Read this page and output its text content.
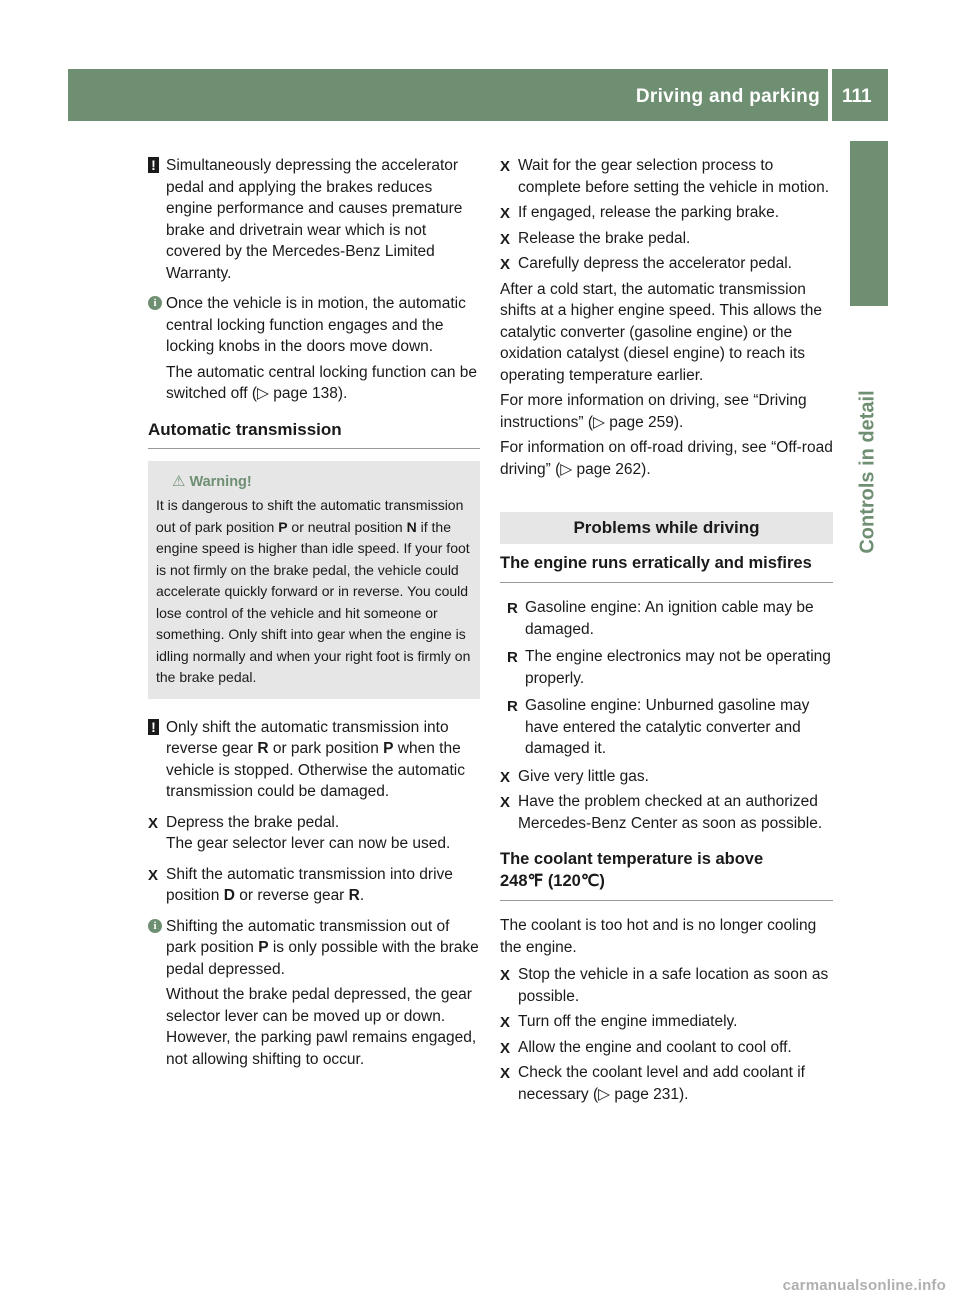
Driving and parking 111
Controls in detail
! Simultaneously depressing the accelerator pedal and applying the brakes reduces engine performance and causes premature brake and drivetrain wear which is not covered by the Mercedes-Benz Limited Warranty.
i Once the vehicle is in motion, the automatic central locking function engages and the locking knobs in the doors move down.
The automatic central locking function can be switched off (▷ page 138).
Automatic transmission
⚠ Warning!
It is dangerous to shift the automatic transmission out of park position P or neutral position N if the engine speed is higher than idle speed. If your foot is not firmly on the brake pedal, the vehicle could accelerate quickly forward or in reverse. You could lose control of the vehicle and hit someone or something. Only shift into gear when the engine is idling normally and when your right foot is firmly on the brake pedal.
! Only shift the automatic transmission into reverse gear R or park position P when the vehicle is stopped. Otherwise the automatic transmission could be damaged.
X Depress the brake pedal.
The gear selector lever can now be used.
X Shift the automatic transmission into drive position D or reverse gear R.
i Shifting the automatic transmission out of park position P is only possible with the brake pedal depressed.
Without the brake pedal depressed, the gear selector lever can be moved up or down. However, the parking pawl remains engaged, not allowing shifting to occur.
X Wait for the gear selection process to complete before setting the vehicle in motion.
X If engaged, release the parking brake.
X Release the brake pedal.
X Carefully depress the accelerator pedal.
After a cold start, the automatic transmission shifts at a higher engine speed. This allows the catalytic converter (gasoline engine) or the oxidation catalyst (diesel engine) to reach its operating temperature earlier.
For more information on driving, see “Driving instructions” (▷ page 259).
For information on off-road driving, see “Off-road driving” (▷ page 262).
Problems while driving
The engine runs erratically and misfires
R Gasoline engine: An ignition cable may be damaged.
R The engine electronics may not be operating properly.
R Gasoline engine: Unburned gasoline may have entered the catalytic converter and damaged it.
X Give very little gas.
X Have the problem checked at an authorized Mercedes-Benz Center as soon as possible.
The coolant temperature is above 248℉ (120℃)
The coolant is too hot and is no longer cooling the engine.
X Stop the vehicle in a safe location as soon as possible.
X Turn off the engine immediately.
X Allow the engine and coolant to cool off.
X Check the coolant level and add coolant if necessary (▷ page 231).
carmanualsonline.info
